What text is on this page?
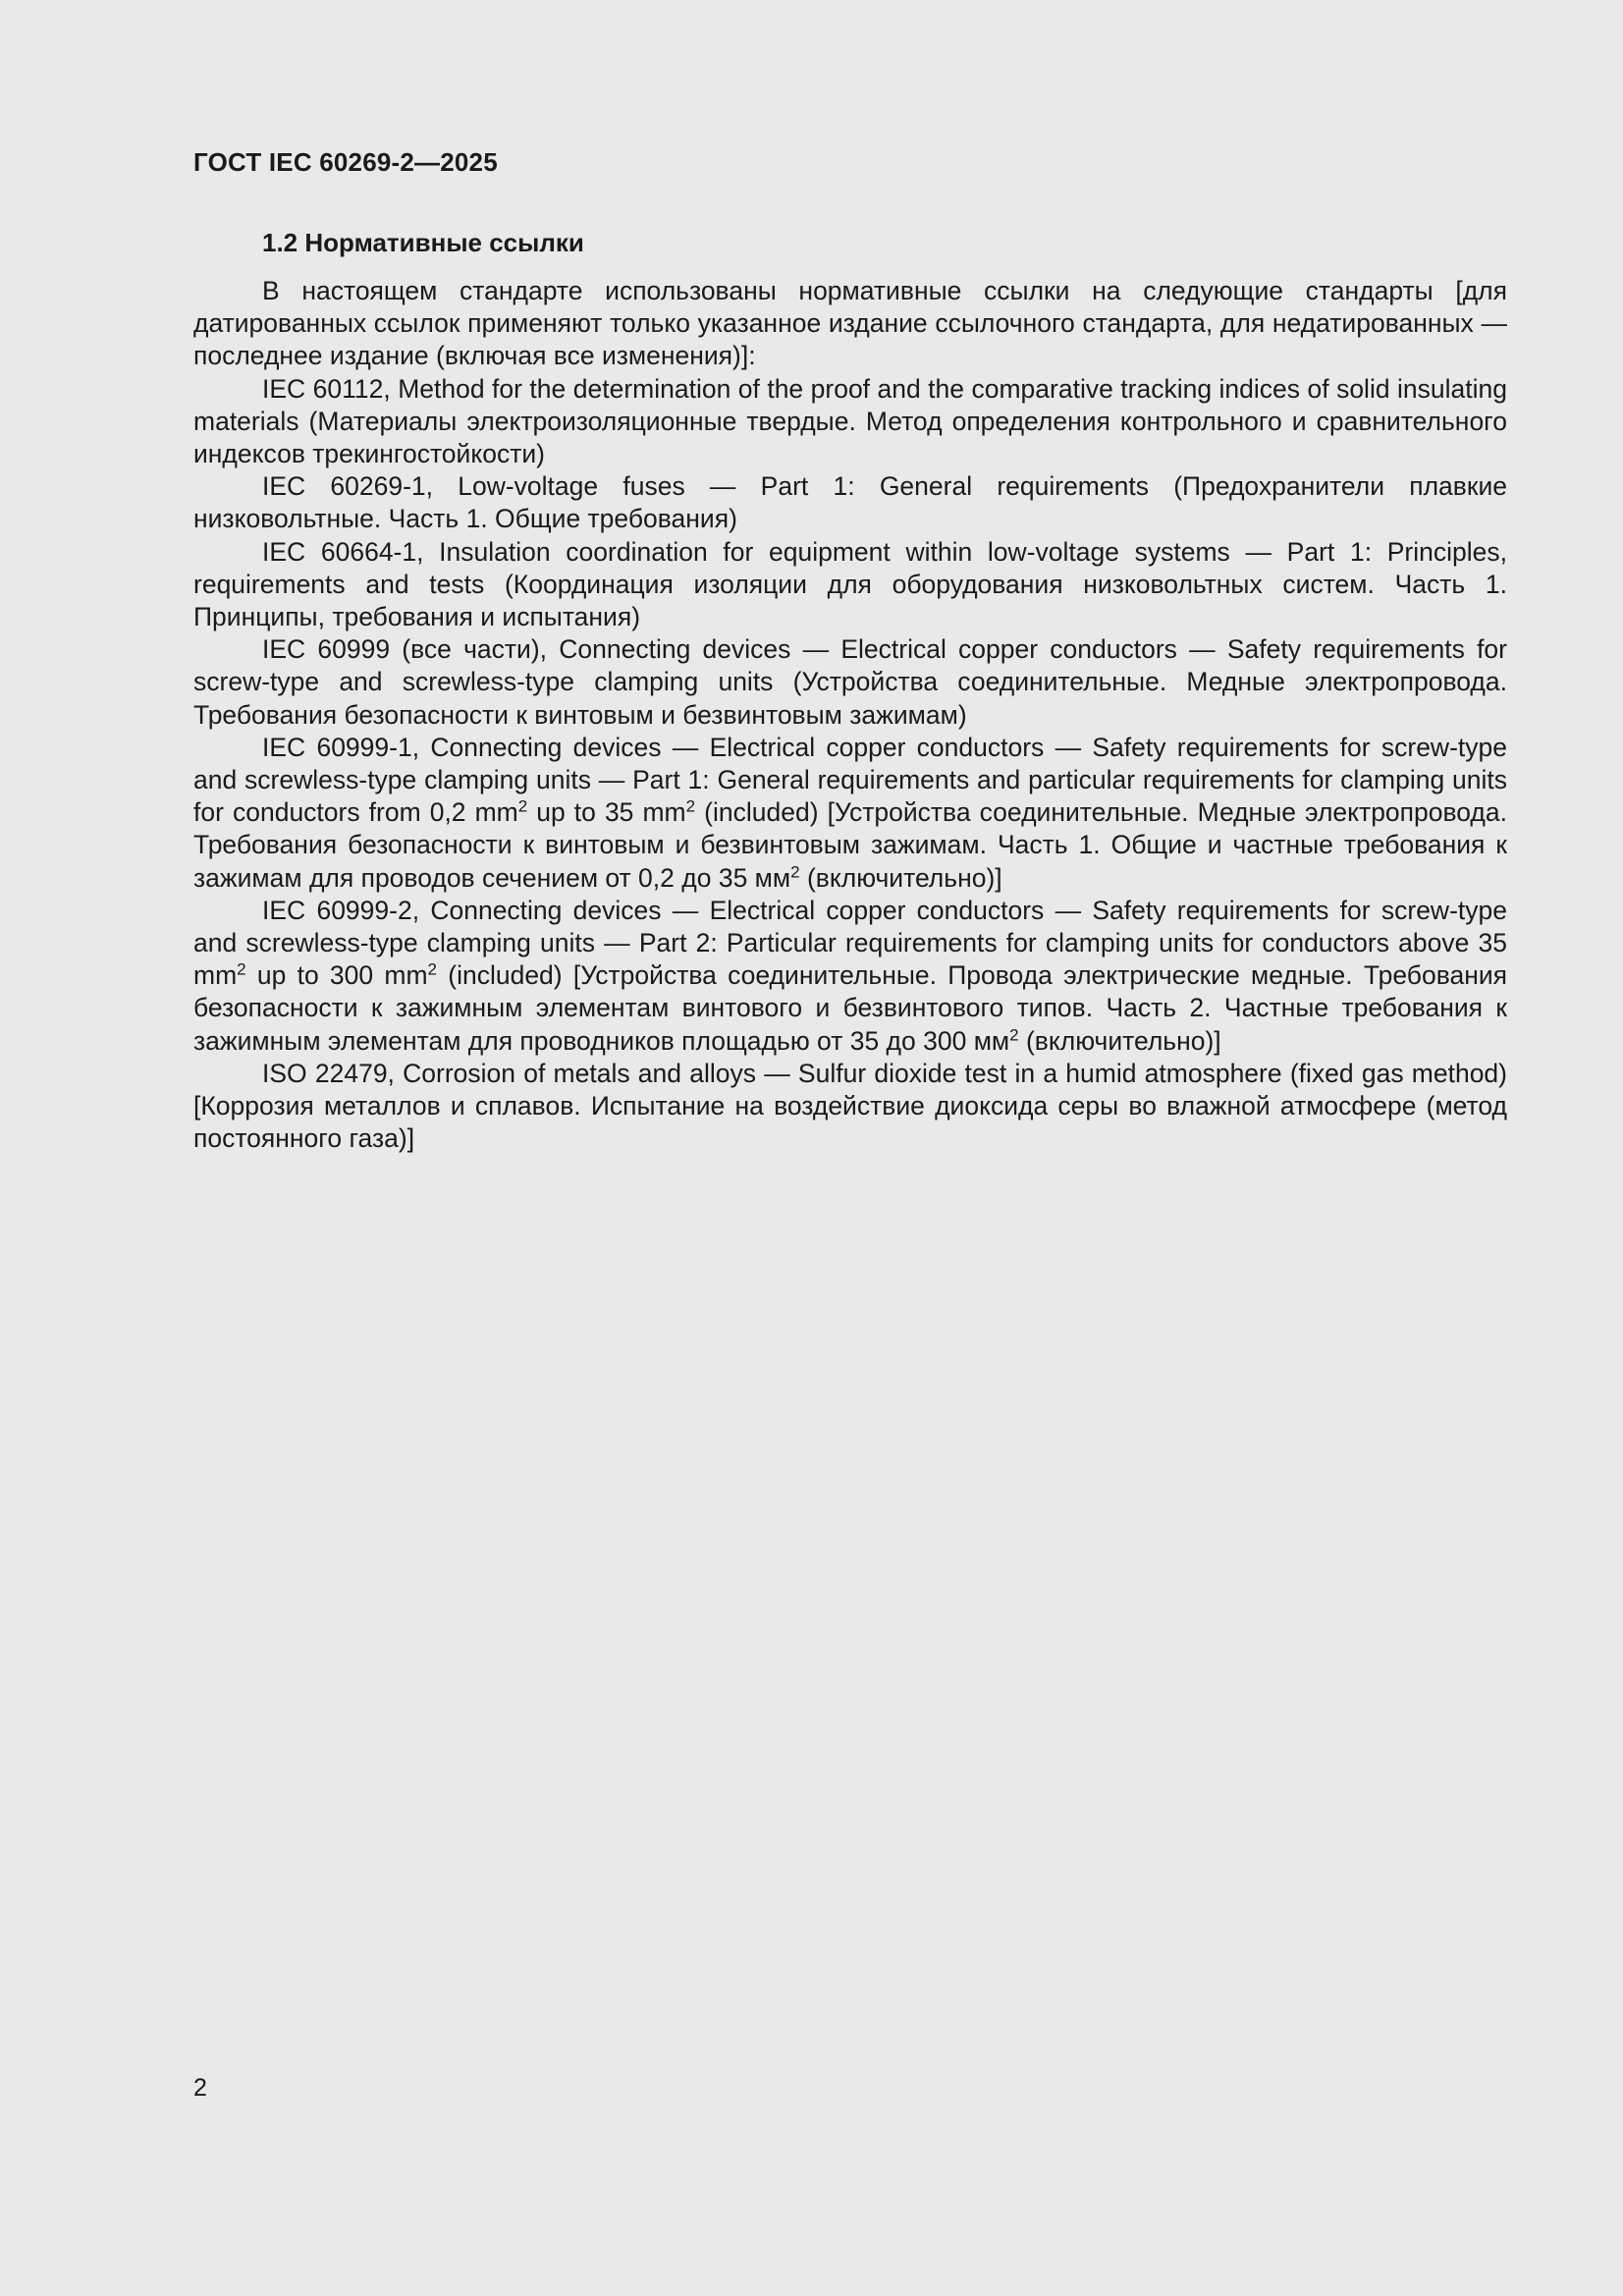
ГОСТ IEC 60269-2—2025
1.2 Нормативные ссылки

В настоящем стандарте использованы нормативные ссылки на следующие стандарты [для датированных ссылок применяют только указанное издание ссылочного стандарта, для недатированных — последнее издание (включая все изменения)]:

IEC 60112, Method for the determination of the proof and the comparative tracking indices of solid insulating materials (Материалы электроизоляционные твердые. Метод определения контрольного и сравнительного индексов трекингостойкости)

IEC 60269-1, Low-voltage fuses — Part 1: General requirements (Предохранители плавкие низковольтные. Часть 1. Общие требования)

IEC 60664-1, Insulation coordination for equipment within low-voltage systems — Part 1: Principles, requirements and tests (Координация изоляции для оборудования низковольтных систем. Часть 1. Принципы, требования и испытания)

IEC 60999 (все части), Connecting devices — Electrical copper conductors — Safety requirements for screw-type and screwless-type clamping units (Устройства соединительные. Медные электропровода. Требования безопасности к винтовым и безвинтовым зажимам)

IEC 60999-1, Connecting devices — Electrical copper conductors — Safety requirements for screw-type and screwless-type clamping units — Part 1: General requirements and particular requirements for clamping units for conductors from 0,2 $mm^2$ up to 35 $mm^2$ (included) [Устройства соединительные. Медные электропровода. Требования безопасности к винтовым и безвинтовым зажимам. Часть 1. Общие и частные требования к зажимам для проводов сечением от 0,2 до 35 $мм^2$ (включительно)]

IEC 60999-2, Connecting devices — Electrical copper conductors — Safety requirements for screw-type and screwless-type clamping units — Part 2: Particular requirements for clamping units for conductors above 35 $mm^2$ up to 300 $mm^2$ (included) [Устройства соединительные. Провода электрические медные. Требования безопасности к зажимным элементам винтового и безвинтового типов. Часть 2. Частные требования к зажимным элементам для проводников площадью от 35 до 300 $мм^2$ (включительно)]

ISO 22479, Corrosion of metals and alloys — Sulfur dioxide test in a humid atmosphere (fixed gas method) [Коррозия металлов и сплавов. Испытание на воздействие диоксида серы во влажной атмосфере (метод постоянного газа)]

2
